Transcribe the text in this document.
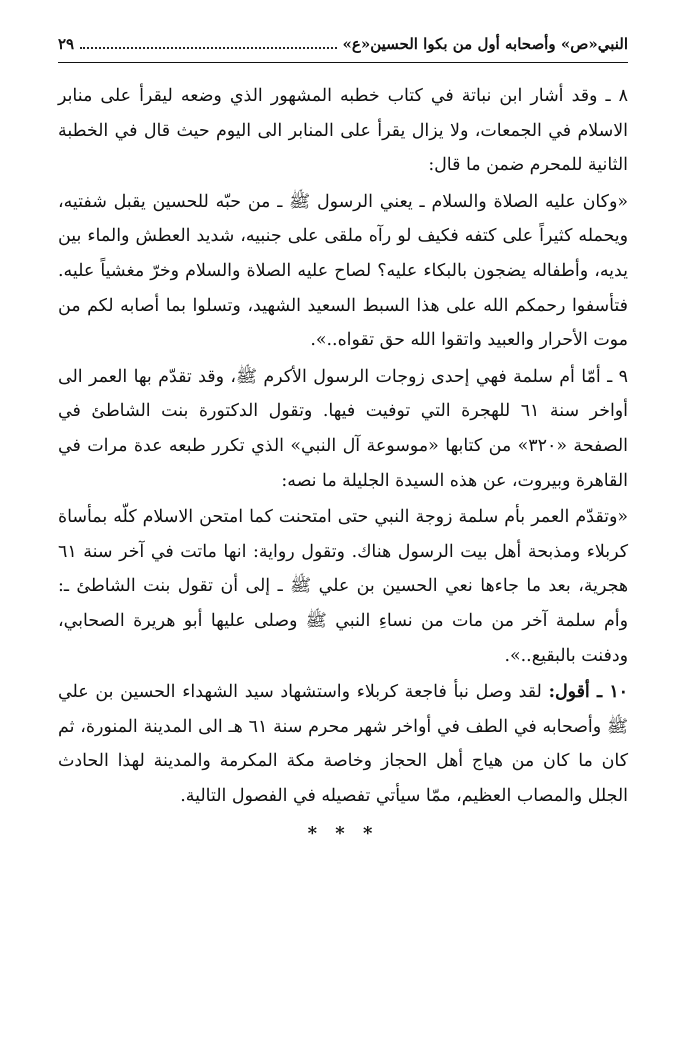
النبي«ص» وأصحابه أول من بكوا الحسين«ع»
٢٩

٨ ـ وقد أشار ابن نباتة في كتاب خطبه المشهور الذي وضعه ليقرأ على منابر الاسلام في الجمعات، ولا يزال يقرأ على المنابر الى اليوم حيث قال في الخطبة الثانية للمحرم ضمن ما قال:

«وكان عليه الصلاة والسلام ـ يعني الرسول ﷺ ـ من حبّه للحسين يقبل شفتيه، ويحمله كثيراً على كتفه فكيف لو رآه ملقى على جنبيه، شديد العطش والماء بين يديه، وأطفاله يضجون بالبكاء عليه؟ لصاح عليه الصلاة والسلام وخرّ مغشياً عليه. فتأسفوا رحمكم الله على هذا السبط السعيد الشهيد، وتسلوا بما أصابه لكم من موت الأحرار والعبيد واتقوا الله حق تقواه..».

٩ ـ أمّا أم سلمة فهي إحدى زوجات الرسول الأكرم ﷺ، وقد تقدّم بها العمر الى أواخر سنة ٦١ للهجرة التي توفيت فيها. وتقول الدكتورة بنت الشاطئ في الصفحة «٣٢٠» من كتابها «موسوعة آل النبي» الذي تكرر طبعه عدة مرات في القاهرة وبيروت، عن هذه السيدة الجليلة ما نصه:

«وتقدّم العمر بأم سلمة زوجة النبي حتى امتحنت كما امتحن الاسلام كلّه بمأساة كربلاء ومذبحة أهل بيت الرسول هناك. وتقول رواية: انها ماتت في آخر سنة ٦١ هجرية، بعد ما جاءها نعي الحسين بن علي ﷺ ـ إلى أن تقول بنت الشاطئ ـ: وأم سلمة آخر من مات من نساءِ النبي ﷺ وصلى عليها أبو هريرة الصحابي، ودفنت بالبقيع..».

١٠ ـ أقول: لقد وصل نبأ فاجعة كربلاء واستشهاد سيد الشهداء الحسين بن علي ﷺ وأصحابه في الطف في أواخر شهر محرم سنة ٦١ هـ الى المدينة المنورة، ثم كان ما كان من هياج أهل الحجاز وخاصة مكة المكرمة والمدينة لهذا الحادث الجلل والمصاب العظيم، ممّا سيأتي تفصيله في الفصول التالية.

* * *
